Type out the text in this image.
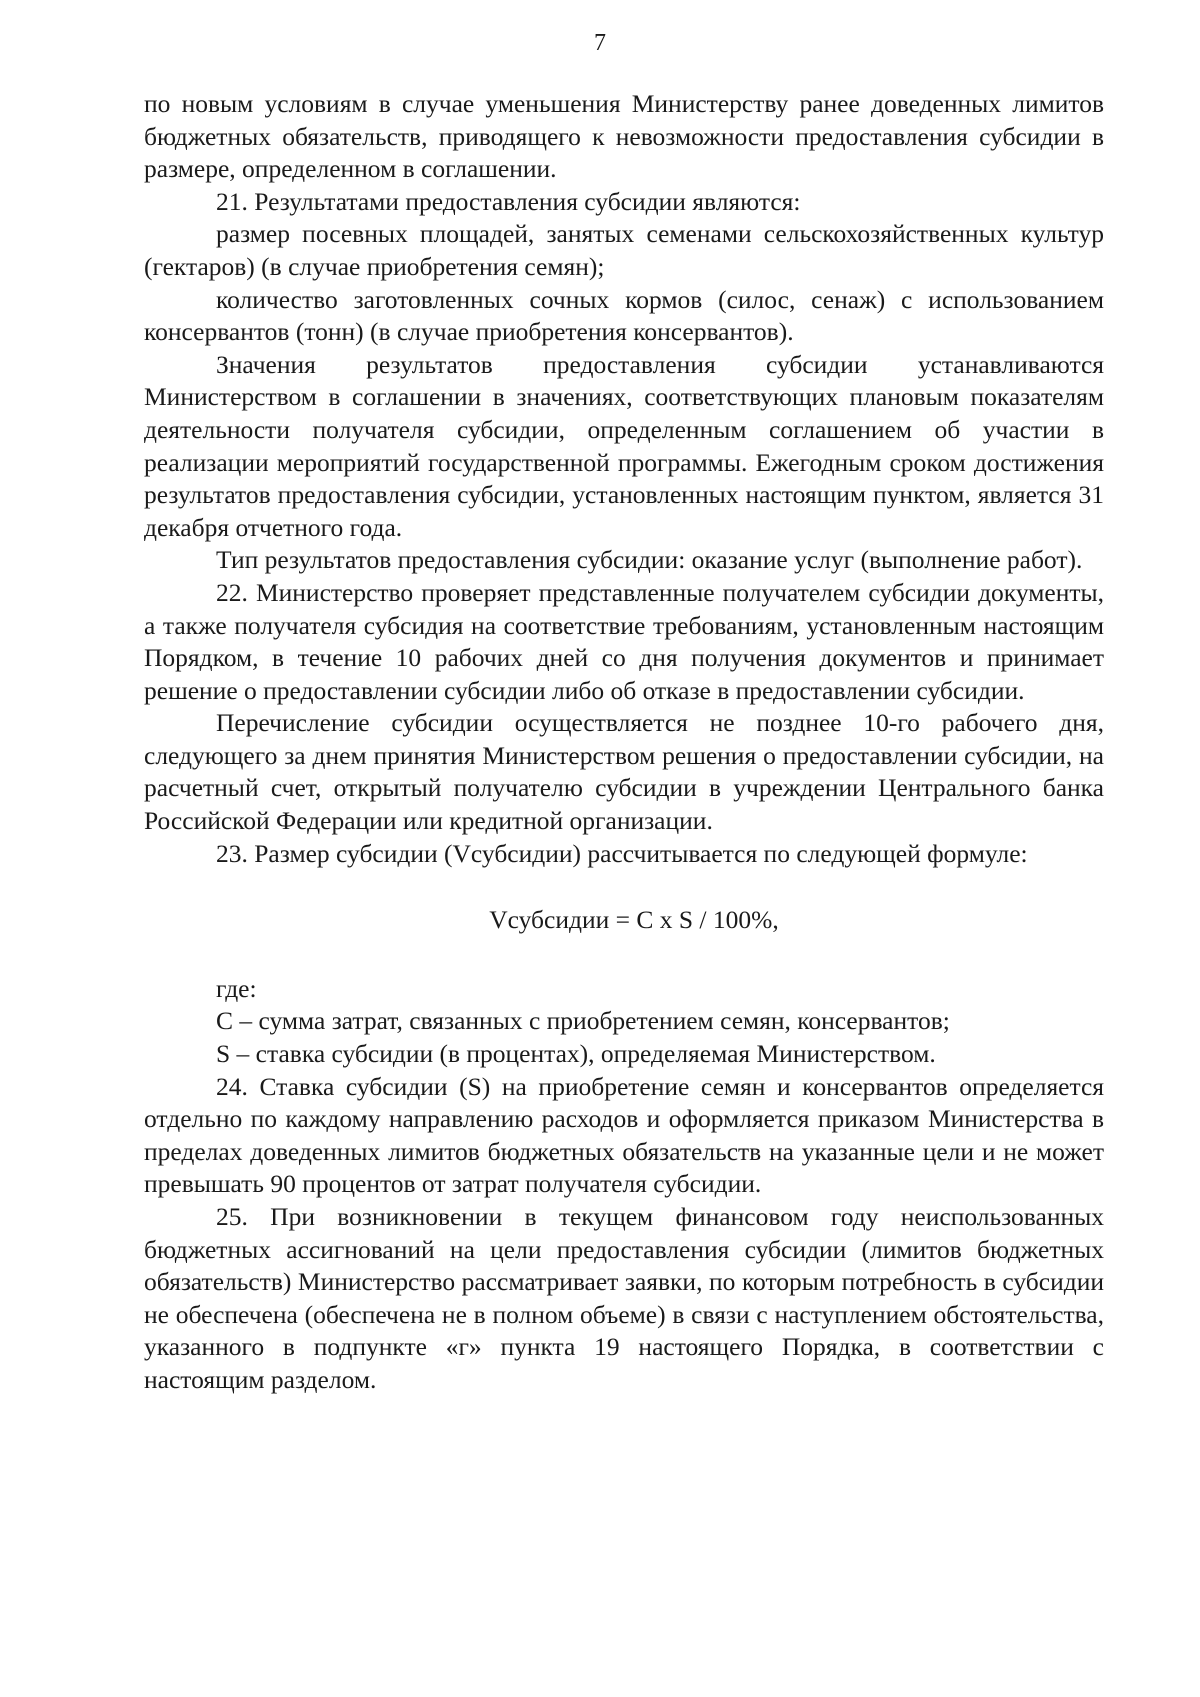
7

по новым условиям в случае уменьшения Министерству ранее доведенных лимитов бюджетных обязательств, приводящего к невозможности предоставления субсидии в размере, определенном в соглашении.

21. Результатами предоставления субсидии являются:

размер посевных площадей, занятых семенами сельскохозяйственных культур (гектаров) (в случае приобретения семян);

количество заготовленных сочных кормов (силос, сенаж) с использованием консервантов (тонн) (в случае приобретения консервантов).

Значения результатов предоставления субсидии устанавливаются Министерством в соглашении в значениях, соответствующих плановым показателям деятельности получателя субсидии, определенным соглашением об участии в реализации мероприятий государственной программы. Ежегодным сроком достижения результатов предоставления субсидии, установленных настоящим пунктом, является 31 декабря отчетного года.

Тип результатов предоставления субсидии: оказание услуг (выполнение работ).

22. Министерство проверяет представленные получателем субсидии документы, а также получателя субсидия на соответствие требованиям, установленным настоящим Порядком, в течение 10 рабочих дней со дня получения документов и принимает решение о предоставлении субсидии либо об отказе в предоставлении субсидии.

Перечисление субсидии осуществляется не позднее 10-го рабочего дня, следующего за днем принятия Министерством решения о предоставлении субсидии, на расчетный счет, открытый получателю субсидии в учреждении Центрального банка Российской Федерации или кредитной организации.

23. Размер субсидии (Vсубсидии) рассчитывается по следующей формуле:

Vсубсидии = С x S / 100%,

где:

С – сумма затрат, связанных с приобретением семян, консервантов;

S – ставка субсидии (в процентах), определяемая Министерством.

24. Ставка субсидии (S) на приобретение семян и консервантов определяется отдельно по каждому направлению расходов и оформляется приказом Министерства в пределах доведенных лимитов бюджетных обязательств на указанные цели и не может превышать 90 процентов от затрат получателя субсидии.

25. При возникновении в текущем финансовом году неиспользованных бюджетных ассигнований на цели предоставления субсидии (лимитов бюджетных обязательств) Министерство рассматривает заявки, по которым потребность в субсидии не обеспечена (обеспечена не в полном объеме) в связи с наступлением обстоятельства, указанного в подпункте «г» пункта 19 настоящего Порядка, в соответствии с настоящим разделом.
